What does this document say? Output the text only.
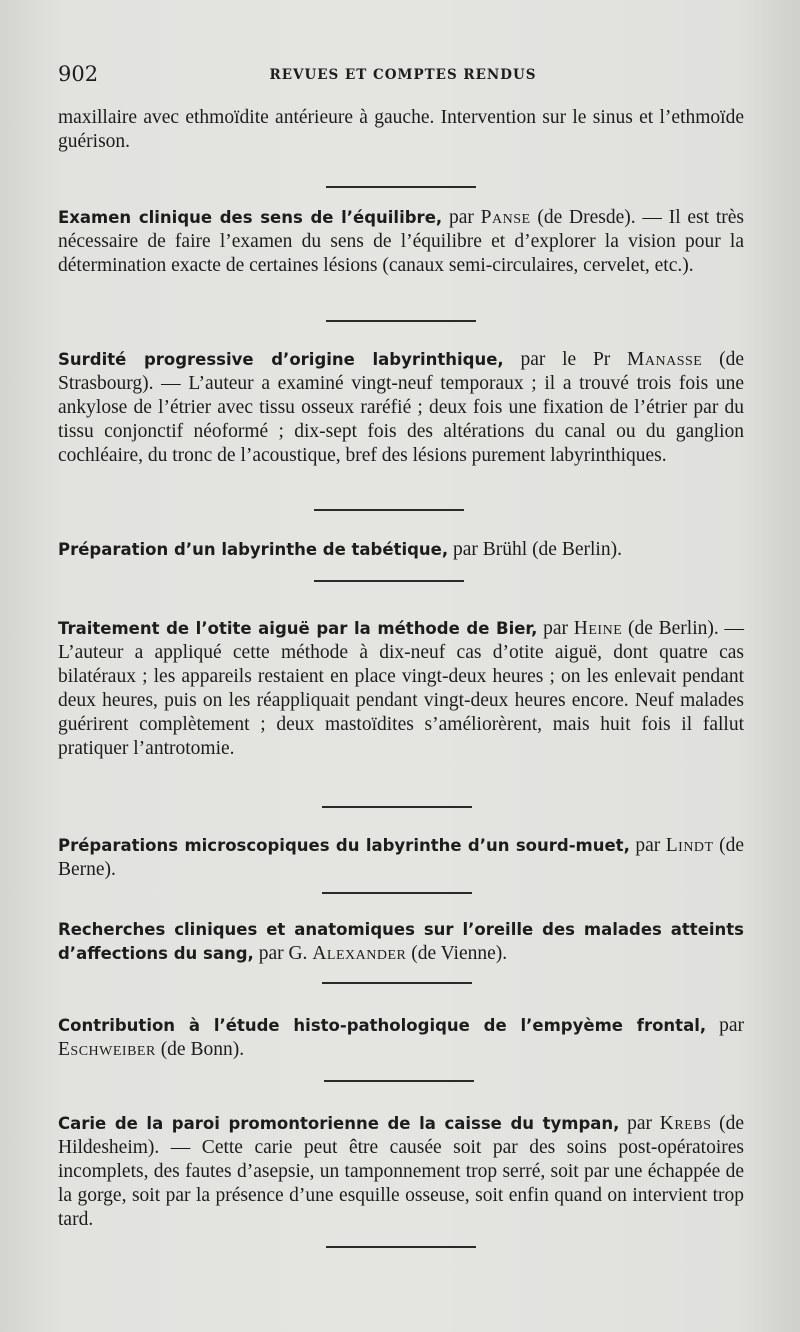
902	REVUES ET COMPTES RENDUS

maxillaire avec ethmoïdite antérieure à gauche. Intervention sur le sinus et l’ethmoïde guérison.

Examen clinique des sens de l’équilibre, par Panse (de Dresde). — Il est très nécessaire de faire l’examen du sens de l’équilibre et d’explorer la vision pour la détermination exacte de certaines lésions (canaux semi-circulaires, cervelet, etc.).

Surdité progressive d’origine labyrinthique, par le Pr Manasse (de Strasbourg). — L’auteur a examiné vingt-neuf temporaux ; il a trouvé trois fois une ankylose de l’étrier avec tissu osseux raréfié ; deux fois une fixation de l’étrier par du tissu conjonctif néoformé ; dix-sept fois des altérations du canal ou du ganglion cochléaire, du tronc de l’acoustique, bref des lésions purement labyrinthiques.

Préparation d’un labyrinthe de tabétique, par Brühl (de Berlin).

Traitement de l’otite aiguë par la méthode de Bier, par Heine (de Berlin). — L’auteur a appliqué cette méthode à dix-neuf cas d’otite aiguë, dont quatre cas bilatéraux ; les appareils restaient en place vingt-deux heures ; on les enlevait pendant deux heures, puis on les réappliquait pendant vingt-deux heures encore. Neuf malades guérirent complètement ; deux mastoïdites s’améliorèrent, mais huit fois il fallut pratiquer l’antrotomie.

Préparations microscopiques du labyrinthe d’un sourd-muet, par Lindt (de Berne).

Recherches cliniques et anatomiques sur l’oreille des malades atteints d’affections du sang, par G. Alexander (de Vienne).

Contribution à l’étude histo-pathologique de l’empyème frontal, par Eschweiber (de Bonn).

Carie de la paroi promontorienne de la caisse du tympan, par Krebs (de Hildesheim). — Cette carie peut être causée soit par des soins post-opératoires incomplets, des fautes d’asepsie, un tamponnement trop serré, soit par une échappée de la gorge, soit par la présence d’une esquille osseuse, soit enfin quand on intervient trop tard.
